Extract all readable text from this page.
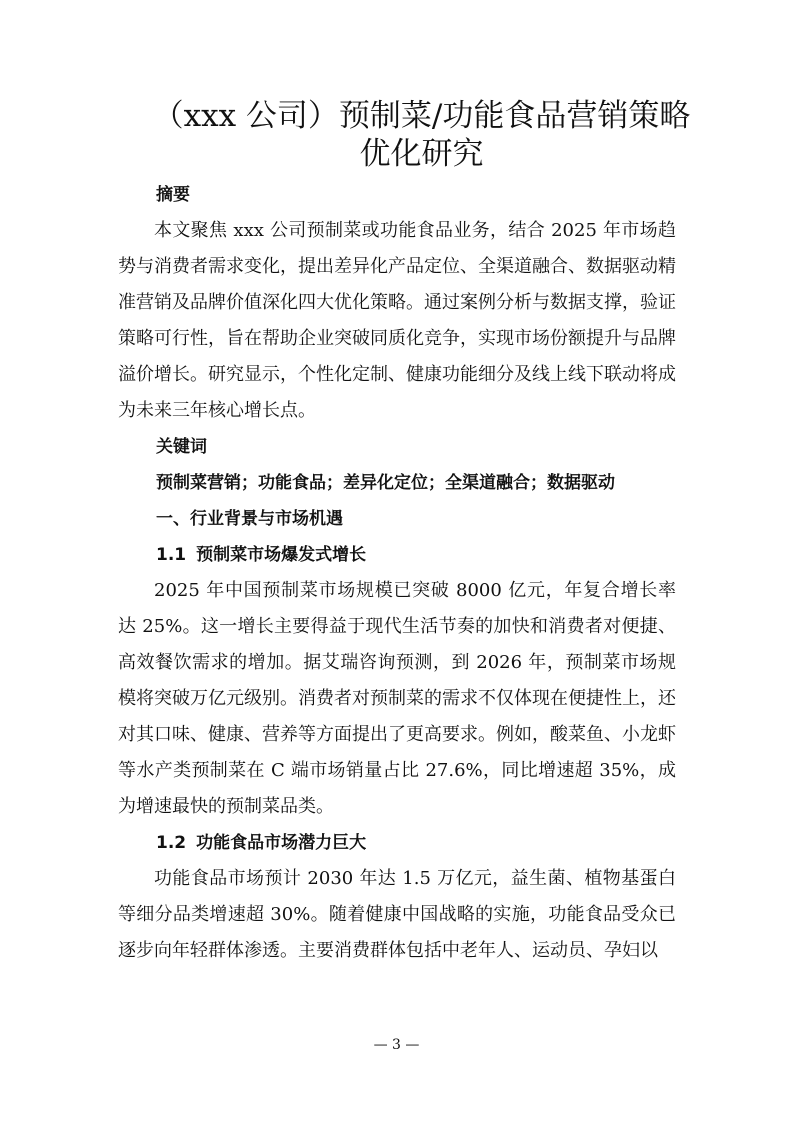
（xxx 公司）预制菜/功能食品营销策略
优化研究
摘要

本文聚焦 xxx 公司预制菜或功能食品业务，结合 2025 年市场趋势与消费者需求变化，提出差异化产品定位、全渠道融合、数据驱动精准营销及品牌价值深化四大优化策略。通过案例分析与数据支撑，验证策略可行性，旨在帮助企业突破同质化竞争，实现市场份额提升与品牌溢价增长。研究显示，个性化定制、健康功能细分及线上线下联动将成为未来三年核心增长点。

关键词
预制菜营销；功能食品；差异化定位；全渠道融合；数据驱动
一、行业背景与市场机遇
1.1 预制菜市场爆发式增长

2025 年中国预制菜市场规模已突破 8000 亿元，年复合增长率达 25%。这一增长主要得益于现代生活节奏的加快和消费者对便捷、高效餐饮需求的增加。据艾瑞咨询预测，到 2026 年，预制菜市场规模将突破万亿元级别。消费者对预制菜的需求不仅体现在便捷性上，还对其口味、健康、营养等方面提出了更高要求。例如，酸菜鱼、小龙虾等水产类预制菜在 C 端市场销量占比 27.6%，同比增速超 35%，成为增速最快的预制菜品类。

1.2 功能食品市场潜力巨大

功能食品市场预计 2030 年达 1.5 万亿元，益生菌、植物基蛋白等细分品类增速超 30%。随着健康中国战略的实施，功能食品受众已逐步向年轻群体渗透。主要消费群体包括中老年人、运动员、孕妇以

— 3 —
